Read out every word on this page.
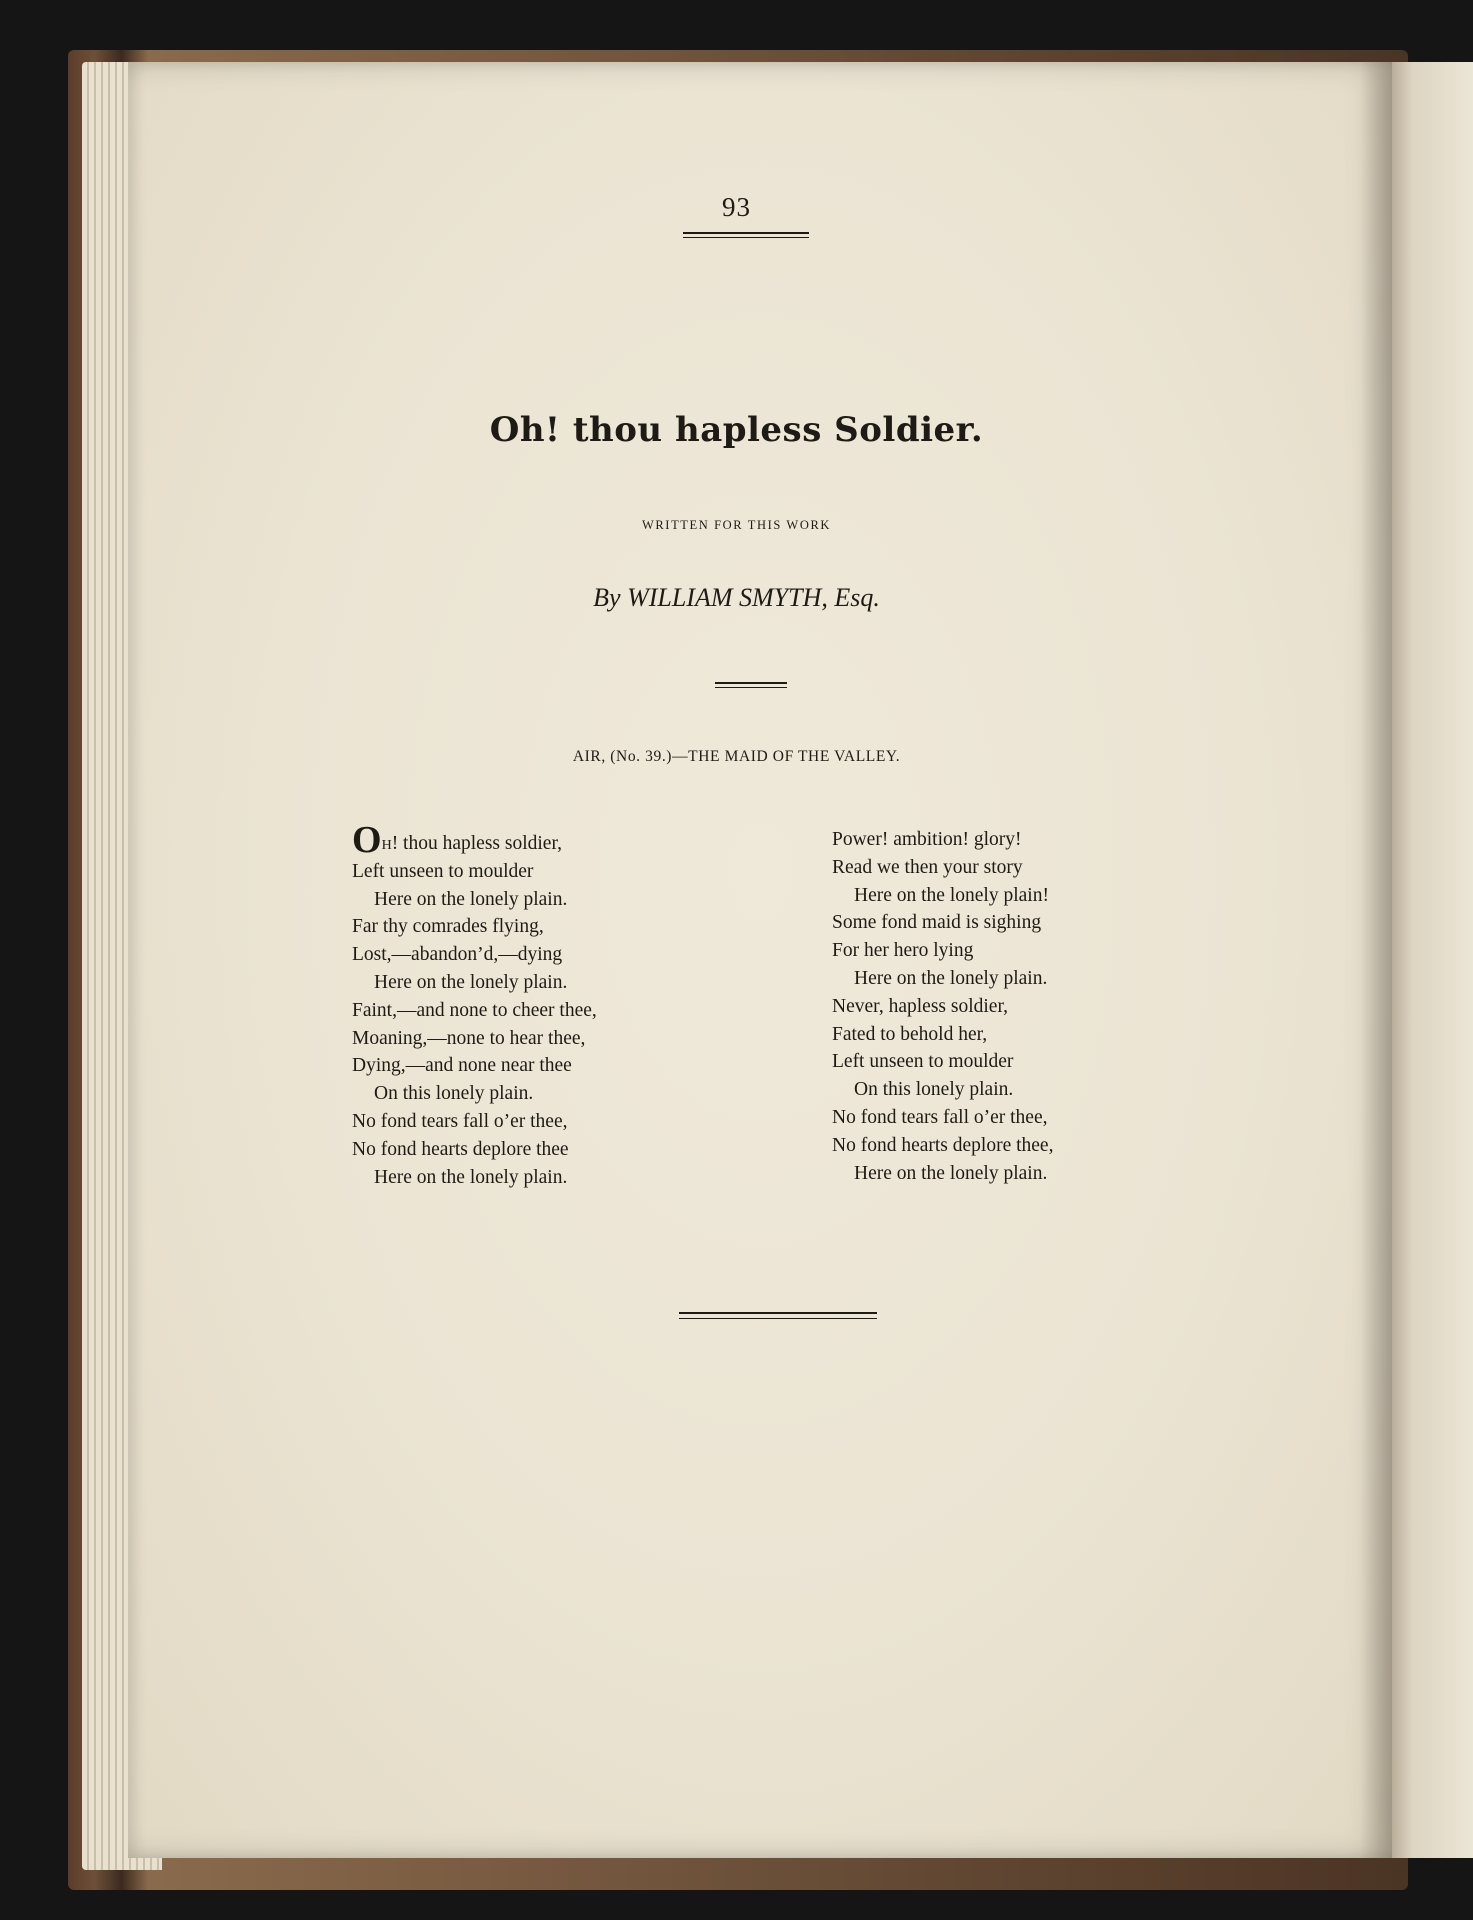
93
Oh! thou hapless Soldier.
WRITTEN FOR THIS WORK
By WILLIAM SMYTH, Esq.
AIR, (No. 39.)—THE MAID OF THE VALLEY.
OH! thou hapless soldier,
Left unseen to moulder
Here on the lonely plain.
Far thy comrades flying,
Lost,—abandon’d,—dying
Here on the lonely plain.
Faint,—and none to cheer thee,
Moaning,—none to hear thee,
Dying,—and none near thee
On this lonely plain.
No fond tears fall o’er thee,
No fond hearts deplore thee
Here on the lonely plain.
Power! ambition! glory!
Read we then your story
Here on the lonely plain!
Some fond maid is sighing
For her hero lying
Here on the lonely plain.
Never, hapless soldier,
Fated to behold her,
Left unseen to moulder
On this lonely plain.
No fond tears fall o’er thee,
No fond hearts deplore thee,
Here on the lonely plain.
